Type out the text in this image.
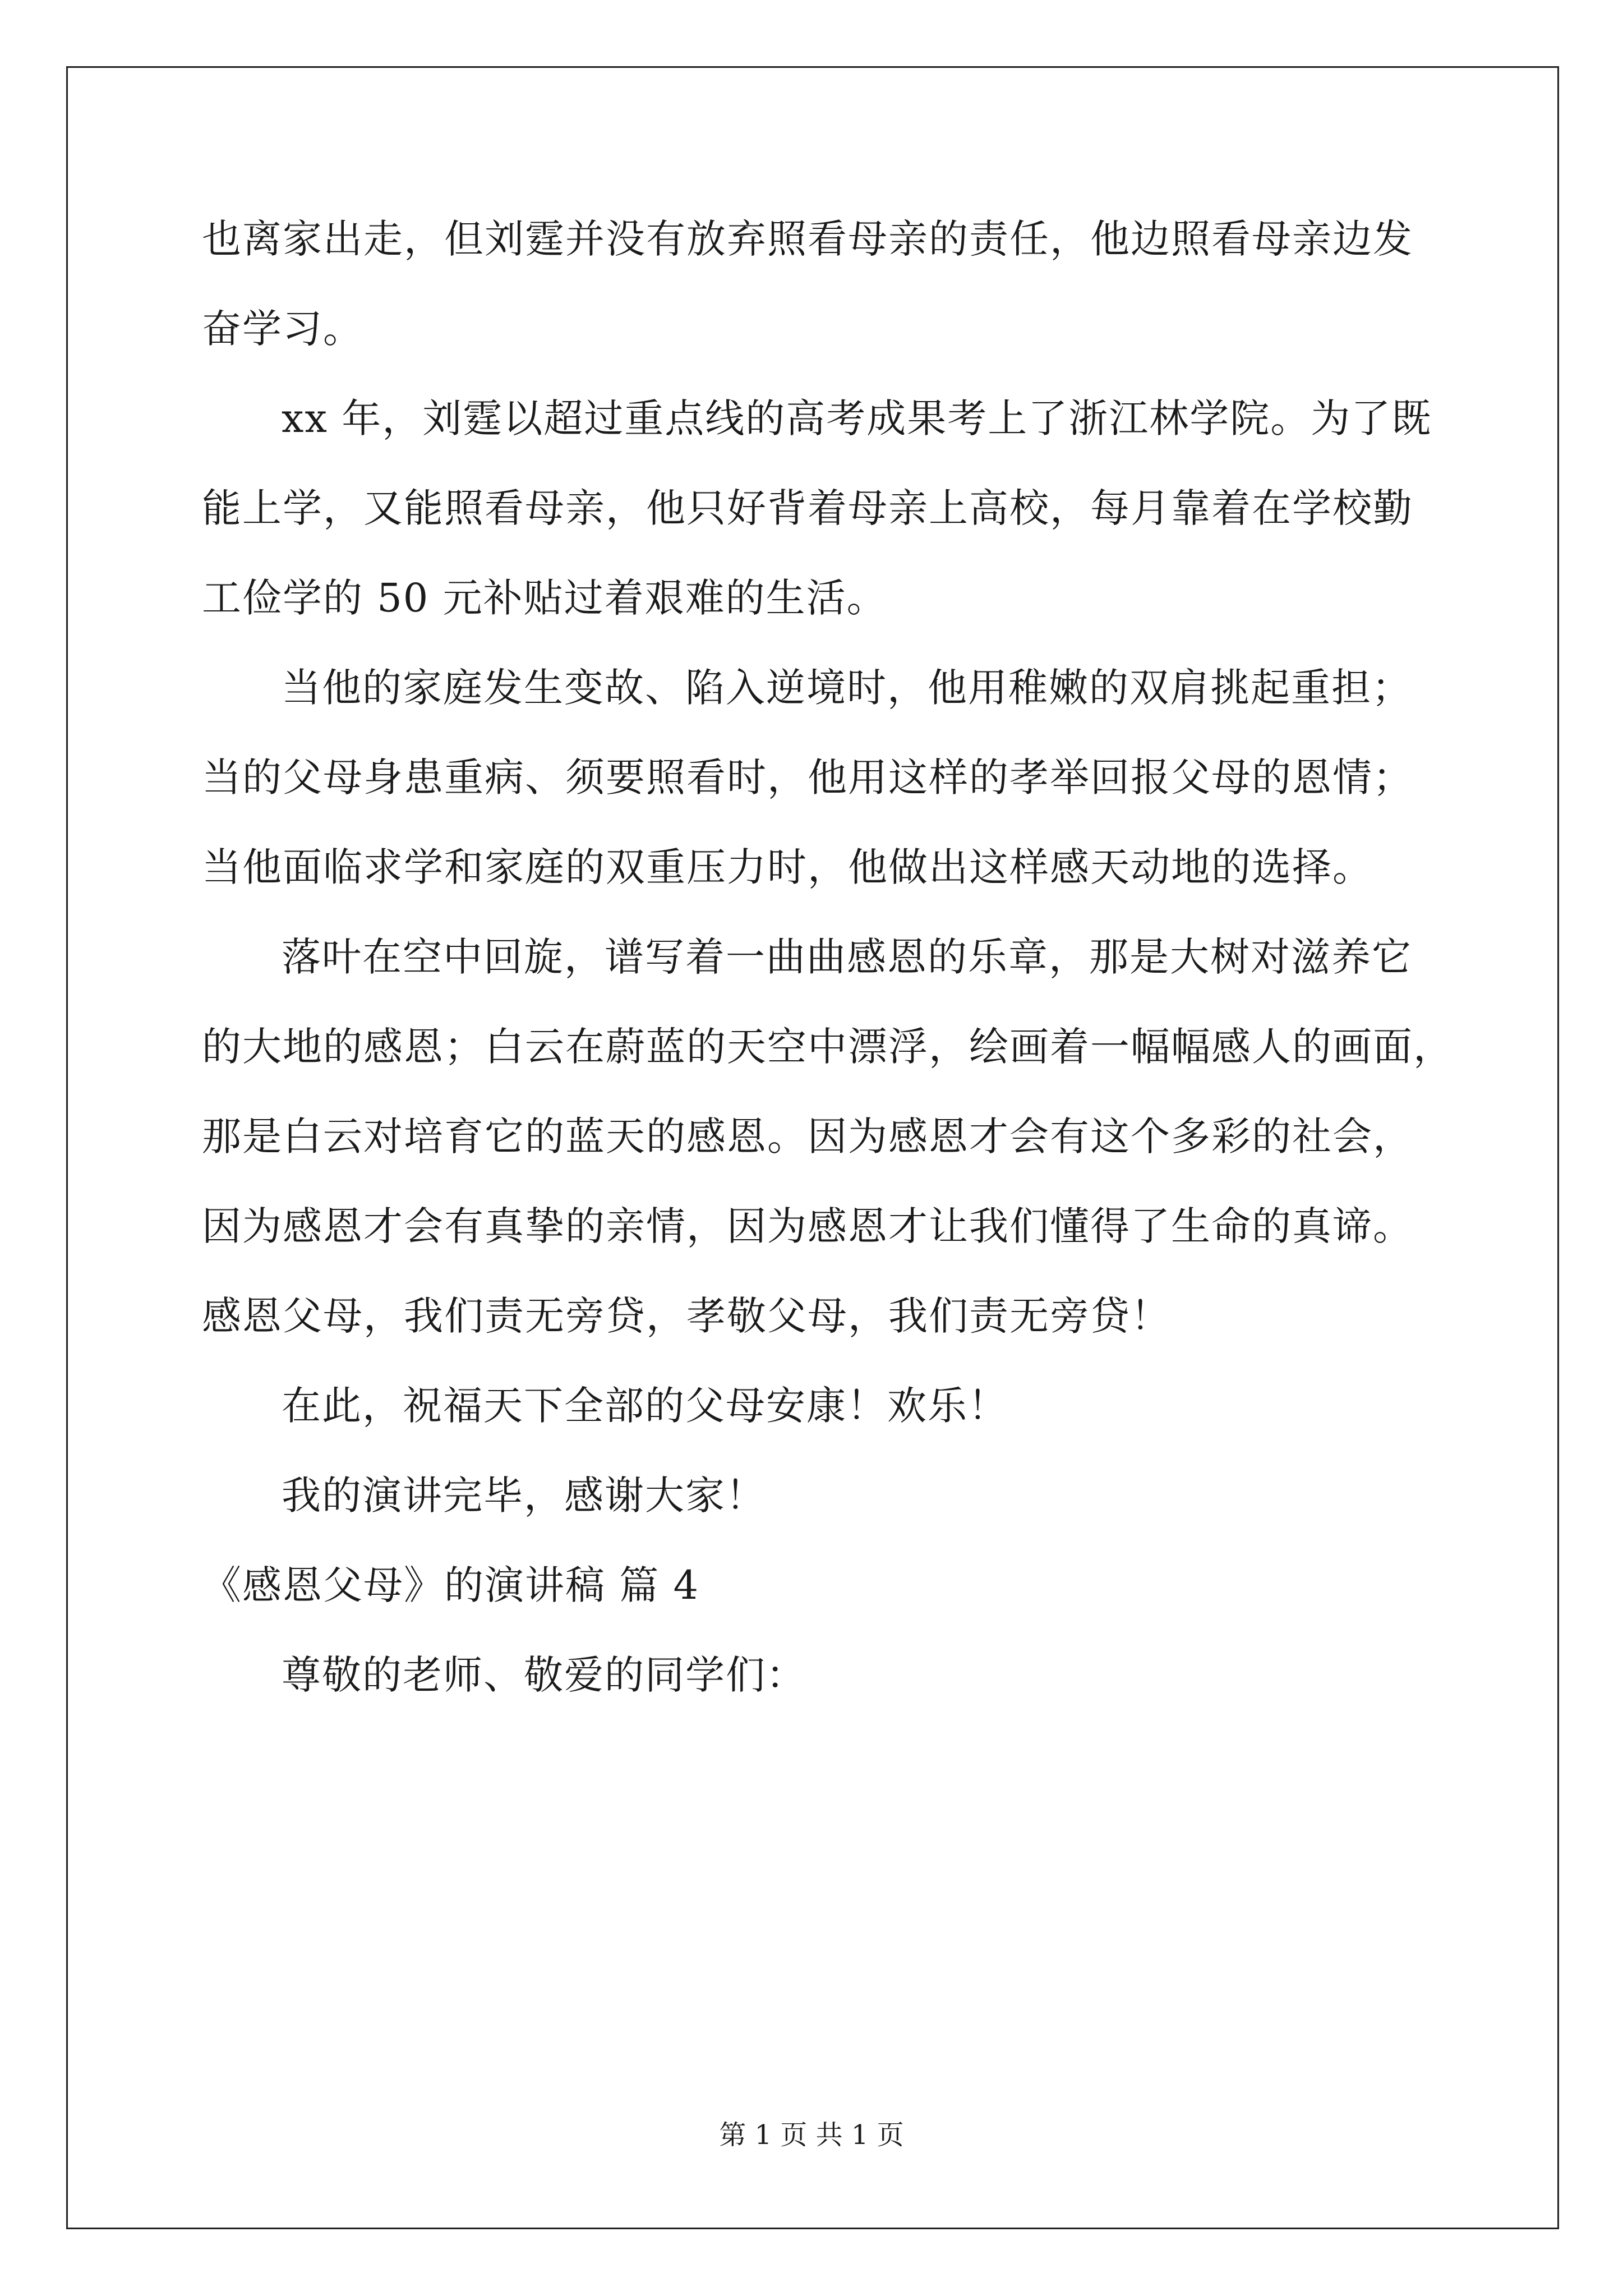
也离家出走，但刘霆并没有放弃照看母亲的责任，他边照看母亲边发
奋学习。
xx 年，刘霆以超过重点线的高考成果考上了浙江林学院。为了既
能上学，又能照看母亲，他只好背着母亲上高校，每月靠着在学校勤
工俭学的 50 元补贴过着艰难的生活。
当他的家庭发生变故、陷入逆境时，他用稚嫩的双肩挑起重担；
当的父母身患重病、须要照看时，他用这样的孝举回报父母的恩情；
当他面临求学和家庭的双重压力时，他做出这样感天动地的选择。
落叶在空中回旋，谱写着一曲曲感恩的乐章，那是大树对滋养它
的大地的感恩；白云在蔚蓝的天空中漂浮，绘画着一幅幅感人的画面，
那是白云对培育它的蓝天的感恩。因为感恩才会有这个多彩的社会，
因为感恩才会有真挚的亲情，因为感恩才让我们懂得了生命的真谛。
感恩父母，我们责无旁贷，孝敬父母，我们责无旁贷！
在此，祝福天下全部的父母安康！欢乐！
我的演讲完毕，感谢大家！
《感恩父母》的演讲稿 篇 4
尊敬的老师、敬爱的同学们：
第 1 页 共 1 页
